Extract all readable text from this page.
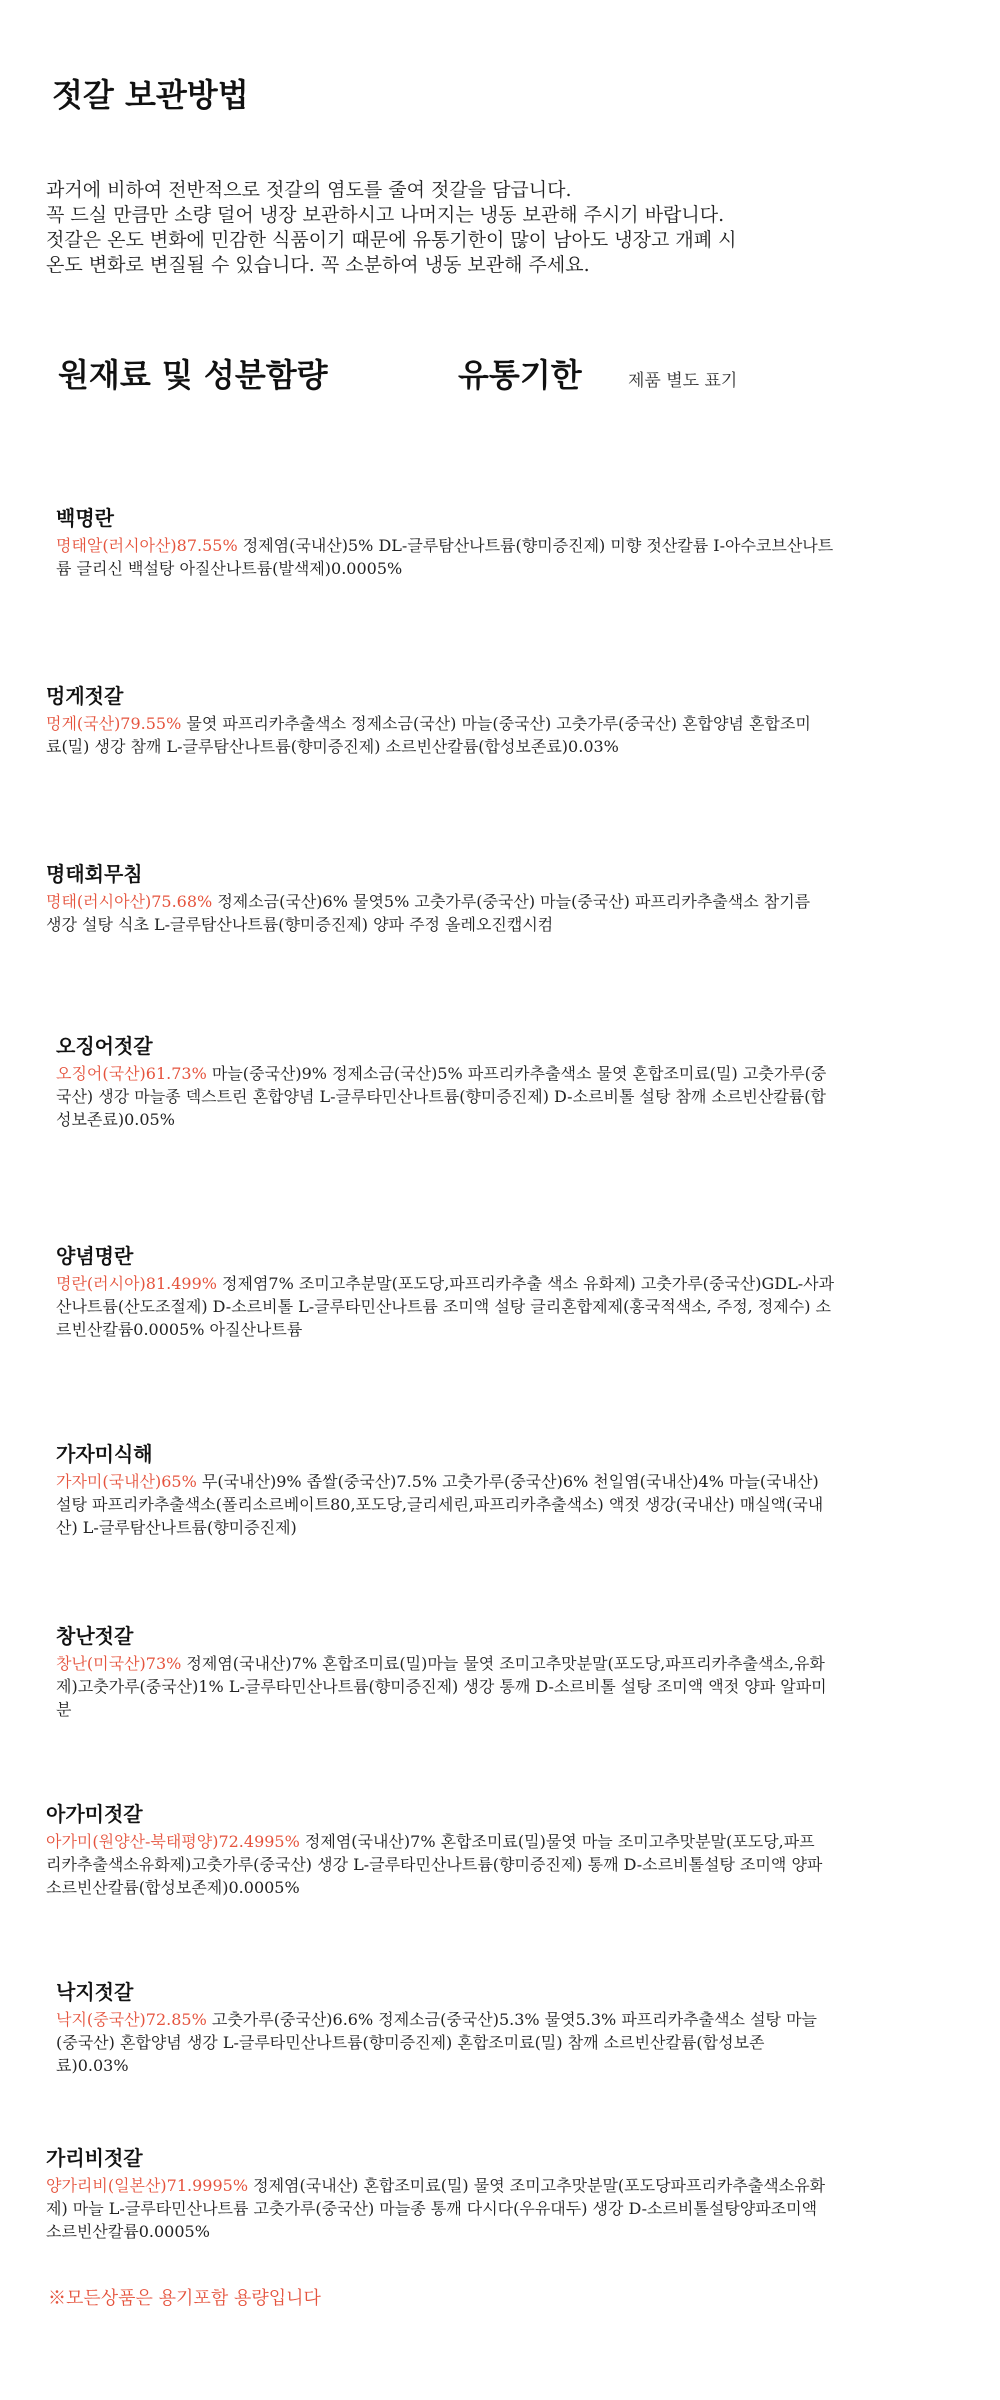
젓갈 보관방법

과거에 비하여 전반적으로 젓갈의 염도를 줄여 젓갈을 담급니다.

꼭 드실 만큼만 소량 덜어 냉장 보관하시고 나머지는 냉동 보관해 주시기 바랍니다.

젓갈은 온도 변화에 민감한 식품이기 때문에 유통기한이 많이 남아도 냉장고 개폐 시

온도 변화로 변질될 수 있습니다. 꼭 소분하여 냉동 보관해 주세요.

원재료 및 성분함량	유통기한	제품 별도 표기
백명란

명태알(러시아산)87.55% 정제염(국내산)5% DL-글루탐산나트륨(향미증진제) 미향 젓산칼륨 I-아수코브산나트륨 글리신 백설탕 아질산나트륨(발색제)0.0005%

멍게젓갈

멍게(국산)79.55% 물엿 파프리카추출색소 정제소금(국산) 마늘(중국산) 고춧가루(중국산) 혼합양념 혼합조미료(밀) 생강 참깨 L-글루탐산나트륨(향미증진제) 소르빈산칼륨(합성보존료)0.03%

명태회무침

명태(러시아산)75.68% 정제소금(국산)6% 물엿5% 고춧가루(중국산) 마늘(중국산) 파프리카추출색소 참기름 생강 설탕 식초 L-글루탐산나트륨(향미증진제) 양파 주정 올레오진캡시컴

오징어젓갈

오징어(국산)61.73% 마늘(중국산)9% 정제소금(국산)5% 파프리카추출색소 물엿 혼합조미료(밀) 고춧가루(중국산) 생강 마늘종 덱스트린 혼합양념 L-글루타민산나트륨(향미증진제) D-소르비톨 설탕 참깨 소르빈산칼륨(합성보존료)0.05%

양념명란

명란(러시아)81.499% 정제염7% 조미고추분말(포도당,파프리카추출 색소 유화제) 고춧가루(중국산)GDL-사과산나트륨(산도조절제) D-소르비톨 L-글루타민산나트륨 조미액 설탕 글리혼합제제(홍국적색소, 주정, 정제수) 소르빈산칼륨0.0005% 아질산나트륨

가자미식해

가자미(국내산)65% 무(국내산)9% 좁쌀(중국산)7.5% 고춧가루(중국산)6% 천일염(국내산)4% 마늘(국내산) 설탕 파프리카추출색소(폴리소르베이트80,포도당,글리세린,파프리카추출색소) 액젓 생강(국내산) 매실액(국내산) L-글루탐산나트륨(향미증진제)

창난젓갈

창난(미국산)73% 정제염(국내산)7% 혼합조미료(밀)마늘 물엿 조미고추맛분말(포도당,파프리카추출색소,유화제)고춧가루(중국산)1% L-글루타민산나트륨(향미증진제) 생강 통깨 D-소르비톨 설탕 조미액 액젓 양파 알파미분

아가미젓갈

아가미(원양산-북태평양)72.4995% 정제염(국내산)7% 혼합조미료(밀)물엿 마늘 조미고추맛분말(포도당,파프리카추출색소유화제)고춧가루(중국산) 생강 L-글루타민산나트륨(향미증진제) 통깨 D-소르비톨설탕 조미액 양파 소르빈산칼륨(합성보존제)0.0005%

낙지젓갈

낙지(중국산)72.85% 고춧가루(중국산)6.6% 정제소금(중국산)5.3% 물엿5.3% 파프리카추출색소 설탕 마늘(중국산) 혼합양념 생강 L-글루타민산나트륨(향미증진제) 혼합조미료(밀) 참깨 소르빈산칼륨(합성보존료)0.03%

가리비젓갈

양가리비(일본산)71.9995% 정제염(국내산) 혼합조미료(밀) 물엿 조미고추맛분말(포도당파프리카추출색소유화제) 마늘 L-글루타민산나트륨 고춧가루(중국산) 마늘종 통깨 다시다(우유대두) 생강 D-소르비톨설탕양파조미액소르빈산칼륨0.0005%

※모든상품은 용기포함 용량입니다
